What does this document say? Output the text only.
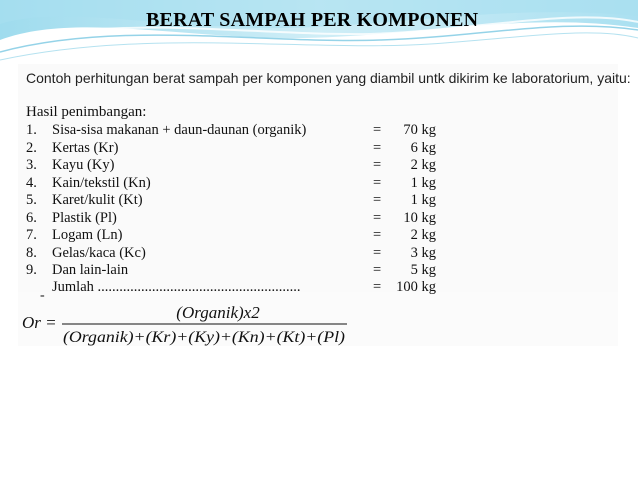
BERAT SAMPAH PER KOMPONEN
Contoh perhitungan berat sampah per komponen yang diambil untk dikirim ke laboratorium, yaitu:
Hasil penimbangan:
1. Sisa-sisa makanan + daun-daunan (organik)	= 70 kg
2. Kertas (Kr)	= 6 kg
3. Kayu (Ky)	= 2 kg
4. Kain/tekstil (Kn)	= 1 kg
5. Karet/kulit (Kt)	= 1 kg
6. Plastik (Pl)	= 10 kg
7. Logam (Ln)	= 2 kg
8. Gelas/kaca (Kc)	= 3 kg
9. Dan lain-lain	= 5 kg
Jumlah ........................................................	= 100 kg
-
Or =
(Organik)x2
(Organik)+(Kr)+(Ky)+(Kn)+(Kt)+(Pl)
